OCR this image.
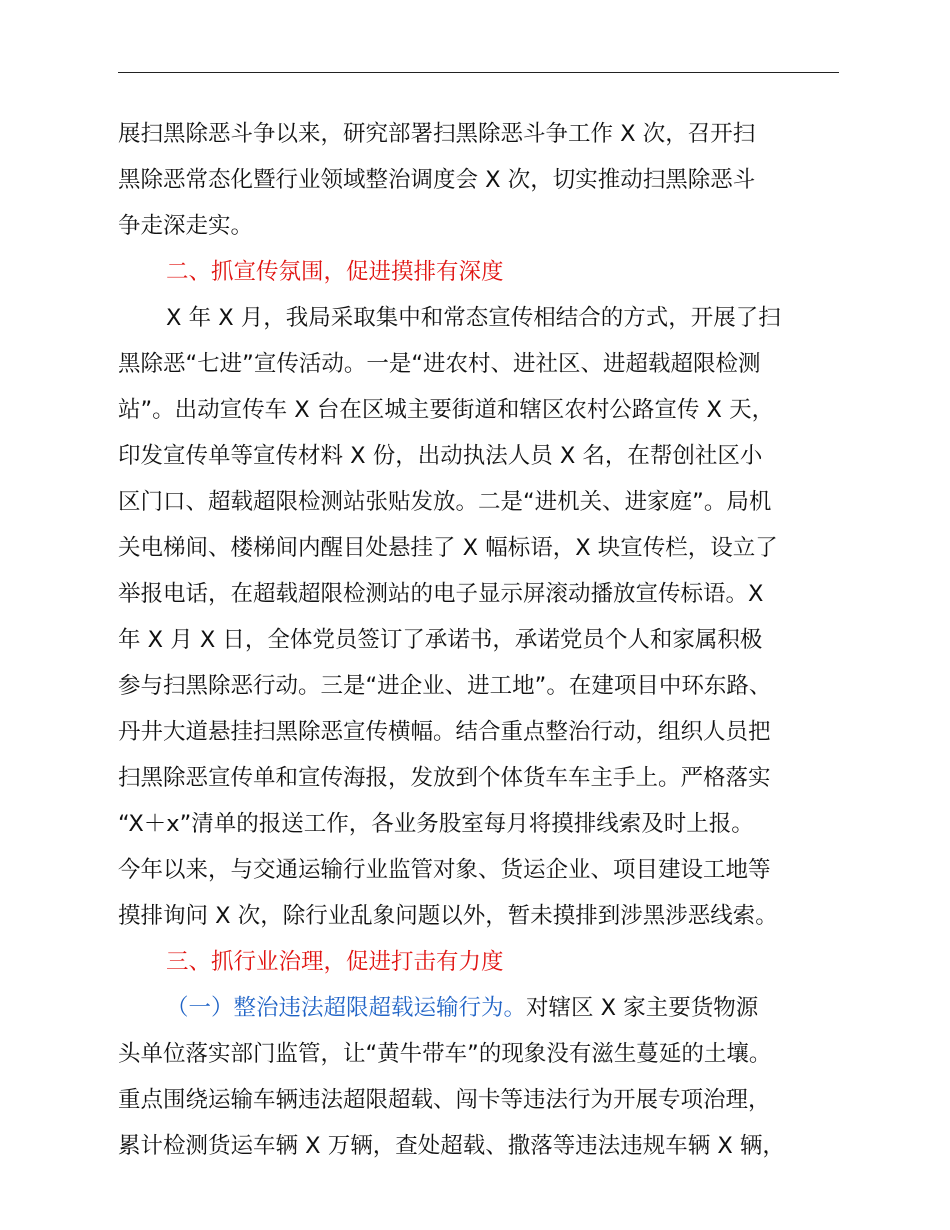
展扫黑除恶斗争以来，研究部署扫黑除恶斗争工作 X 次，召开扫
黑除恶常态化暨行业领域整治调度会 X 次，切实推动扫黑除恶斗
争走深走实。
二、抓宣传氛围，促进摸排有深度
X 年 X 月，我局采取集中和常态宣传相结合的方式，开展了扫
黑除恶“七进”宣传活动。一是“进农村、进社区、进超载超限检测
站”。出动宣传车 X 台在区城主要街道和辖区农村公路宣传 X 天，
印发宣传单等宣传材料 X 份，出动执法人员 X 名，在帮创社区小
区门口、超载超限检测站张贴发放。二是“进机关、进家庭”。局机
关电梯间、楼梯间内醒目处悬挂了 X 幅标语，X 块宣传栏，设立了
举报电话，在超载超限检测站的电子显示屏滚动播放宣传标语。X
年 X 月 X 日，全体党员签订了承诺书，承诺党员个人和家属积极
参与扫黑除恶行动。三是“进企业、进工地”。在建项目中环东路、
丹井大道悬挂扫黑除恶宣传横幅。结合重点整治行动，组织人员把
扫黑除恶宣传单和宣传海报，发放到个体货车车主手上。严格落实
“X＋x”清单的报送工作，各业务股室每月将摸排线索及时上报。
今年以来，与交通运输行业监管对象、货运企业、项目建设工地等
摸排询问 X 次，除行业乱象问题以外，暂未摸排到涉黑涉恶线索。
三、抓行业治理，促进打击有力度
（一）整治违法超限超载运输行为。对辖区 X 家主要货物源
头单位落实部门监管，让“黄牛带车”的现象没有滋生蔓延的土壤。
重点围绕运输车辆违法超限超载、闯卡等违法行为开展专项治理，
累计检测货运车辆 X 万辆，查处超载、撒落等违法违规车辆 X 辆，
